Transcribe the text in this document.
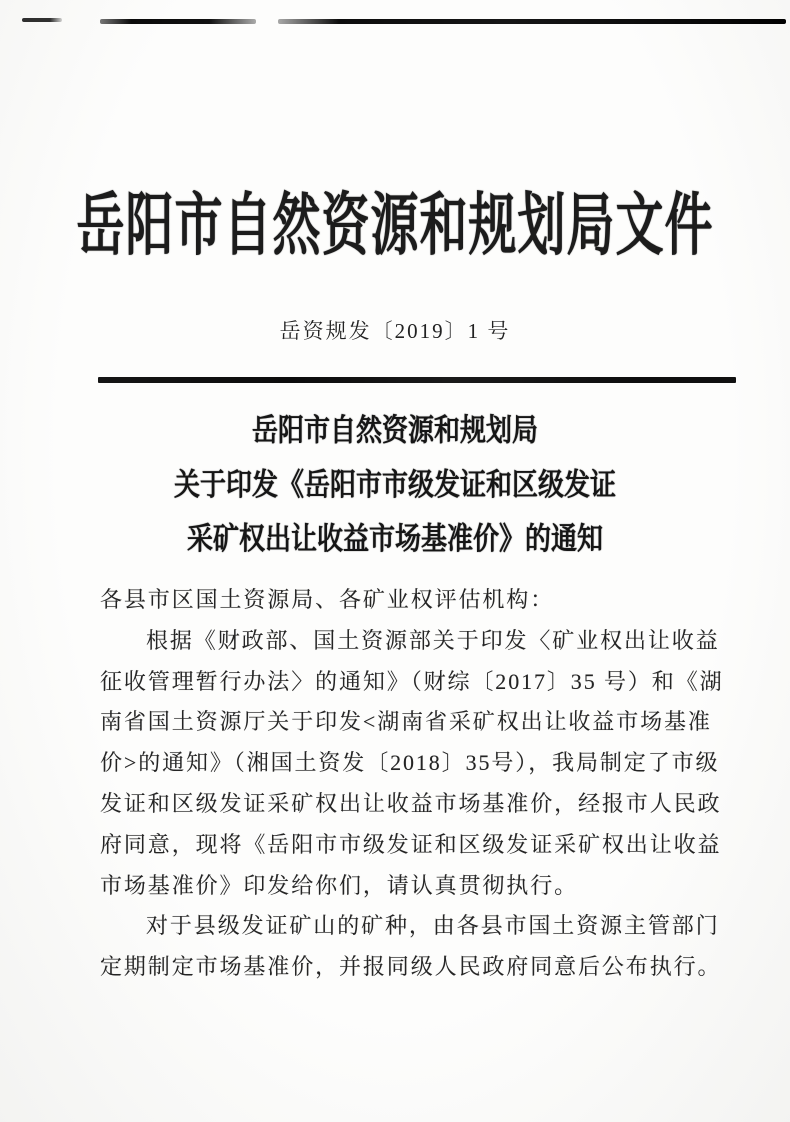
岳阳市自然资源和规划局文件
岳资规发〔2019〕1 号
岳阳市自然资源和规划局
关于印发《岳阳市市级发证和区级发证
采矿权出让收益市场基准价》的通知
各县市区国土资源局、各矿业权评估机构：
根据《财政部、国土资源部关于印发〈矿业权出让收益
征收管理暂行办法〉的通知》（财综〔2017〕35 号）和《湖
南省国土资源厅关于印发<湖南省采矿权出让收益市场基准
价>的通知》（湘国土资发〔2018〕35号），我局制定了市级
发证和区级发证采矿权出让收益市场基准价，经报市人民政
府同意，现将《岳阳市市级发证和区级发证采矿权出让收益
市场基准价》印发给你们，请认真贯彻执行。
对于县级发证矿山的矿种，由各县市国土资源主管部门
定期制定市场基准价，并报同级人民政府同意后公布执行。
